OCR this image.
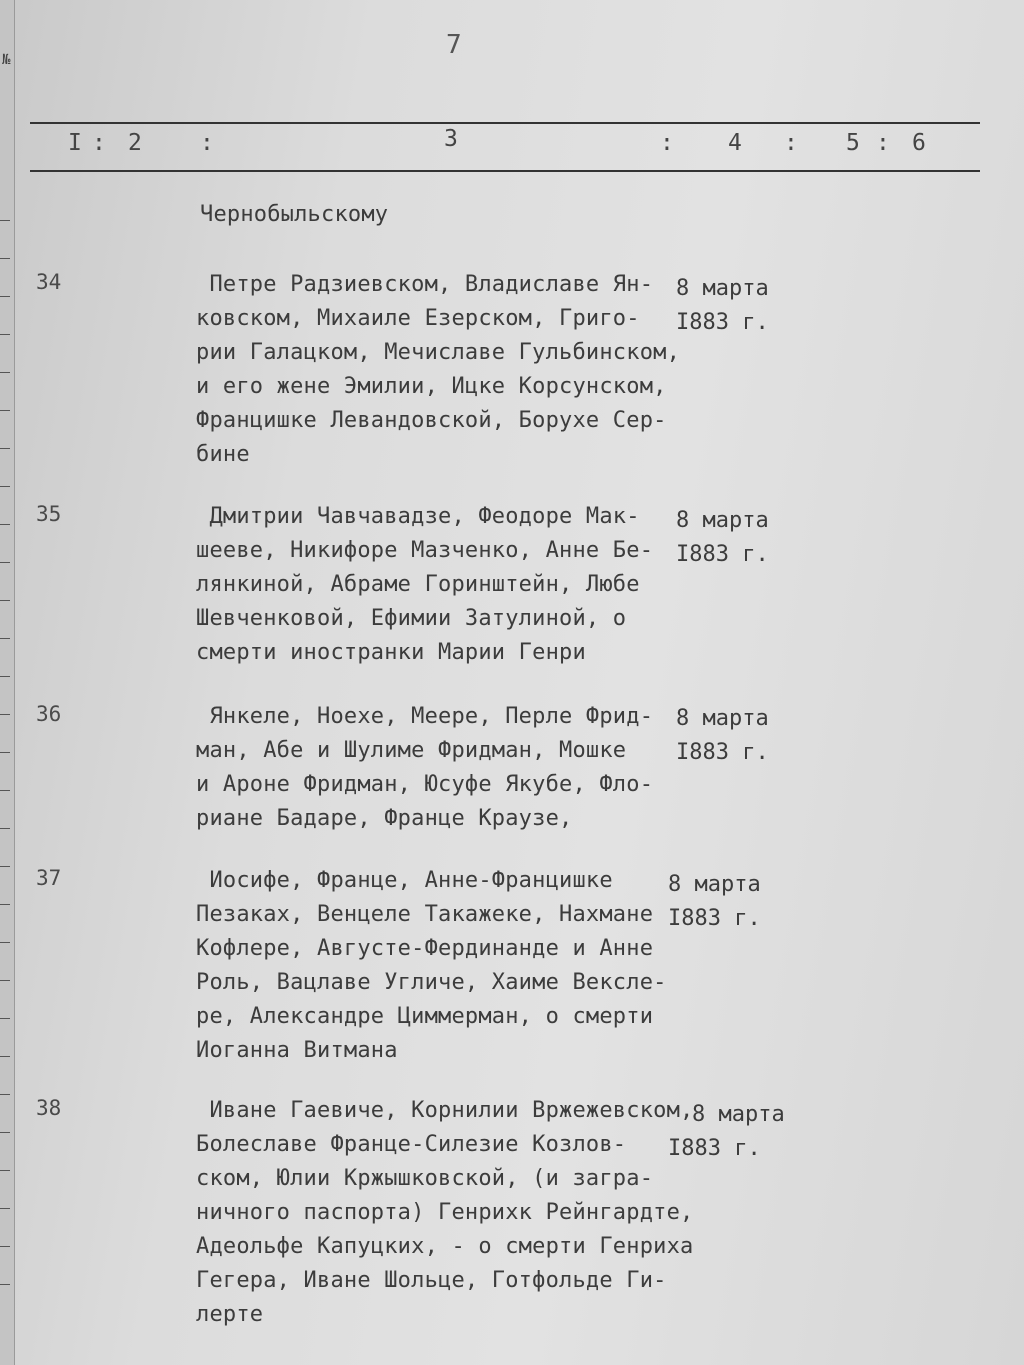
№	7
I : 2	:	3	: 4 : 5 : 6
Чернобыльскому
34	Петре Радзиевском, Владиславе Ян-
ковском, Михаиле Езерском, Григо-
рии Галацком, Мечиславе Гульбинском,
и его жене Эмилии, Ицке Корсунском,
Францишке Левандовской, Борухе Сер-
бине
8 марта
I883 г.
35	Дмитрии Чавчавадзе, Феодоре Мак-
шееве, Никифоре Мазченко, Анне Бе-
лянкиной, Абраме Горинштейн, Любе
Шевченковой, Ефимии Затулиной, о
смерти иностранки Марии Генри
8 марта
I883 г.
36	Янкеле, Ноехе, Меере, Перле Фрид-
ман, Абе и Шулиме Фридман, Мошке
и Ароне Фридман, Юсуфе Якубе, Фло-
риане Бадаре, Франце Краузе,
8 марта
I883 г.
37	Иосифе, Франце, Анне-Францишке
Пезаках, Венцеле Такажеке, Нахмане
Кофлере, Августе-Фердинанде и Анне
Роль, Вацлаве Угличе, Хаиме Векслe-
ре, Александре Циммерман, о смерти
Иоганна Витмана
8 марта
I883 г.
38	Иване Гаевиче, Корнилии Вржежевском,
Болеславе Франце-Силезие Козлов-
ском, Юлии Кржышковской, (и загра-
ничного паспорта) Генрихк Рейнгардте,
Адеольфе Капуцких, - о смерти Генриха
Гегера, Иване Шольце, Готфольде Ги-
лерте
8 марта
I883 г.
